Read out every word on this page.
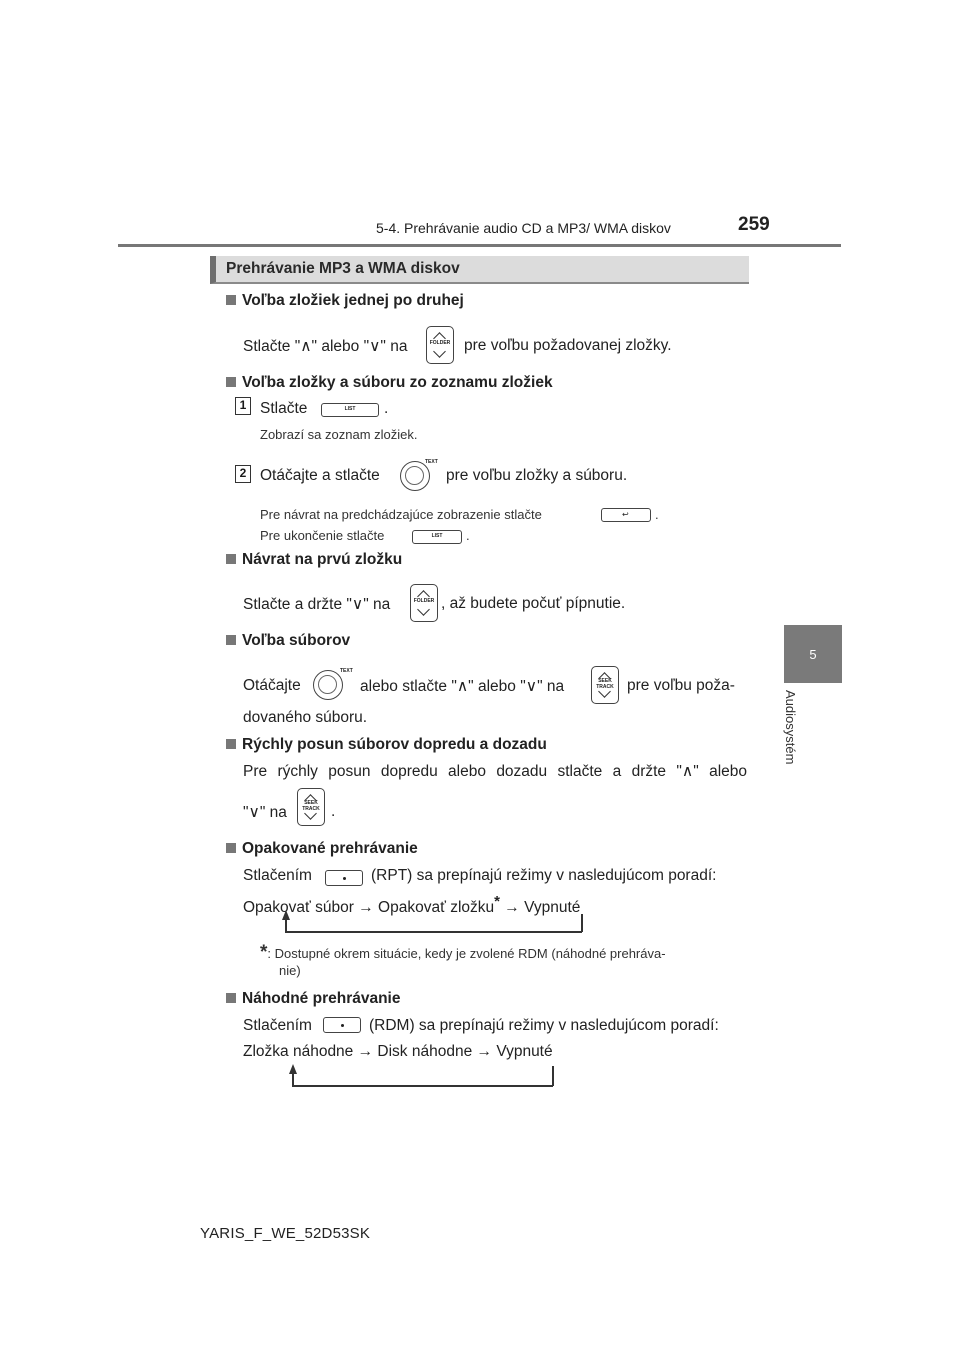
5-4. Prehrávanie audio CD a MP3/ WMA diskov	259
5
Audiosystém
Prehrávanie MP3 a WMA diskov
Voľba zložiek jednej po druhej
Stlačte "∧" alebo "∨" na	FOLDER pre voľbu požadovanej zložky.
Voľba zložky a súboru zo zoznamu zložiek
1 Stlačte	LIST	.
Zobrazí sa zoznam zložiek.
2 Otáčajte a stlačte
TEXT
pre voľbu zložky a súboru.
Pre návrat na predchádzajúce zobrazenie stlačte	↩ .
Pre ukončenie stlačte	LIST	.
Návrat na prvú zložku
Stlačte a držte "∨" na	FOLDER , až budete počuť pípnutie.
Voľba súborov
Otáčajte
TEXT
alebo stlačte "∧" alebo "∨" na	SEEK
TRACK pre voľbu poža-
dovaného súboru.
Rýchly posun súborov dopredu a dozadu
Pre rýchly posun dopredu alebo dozadu stlačte a držte "∧" alebo
"∨" na
SEEK
TRACK .
Opakované prehrávanie
Stlačením	(RPT) sa prepínajú režimy v nasledujúcom poradí:
Opakovať súbor → Opakovať zložku* → Vypnuté
*: Dostupné okrem situácie, kedy je zvolené RDM (náhodné prehráva-
nie)
Náhodné prehrávanie
Stlačením	(RDM) sa prepínajú režimy v nasledujúcom poradí:
Zložka náhodne → Disk náhodne → Vypnuté
YARIS_F_WE_52D53SK
